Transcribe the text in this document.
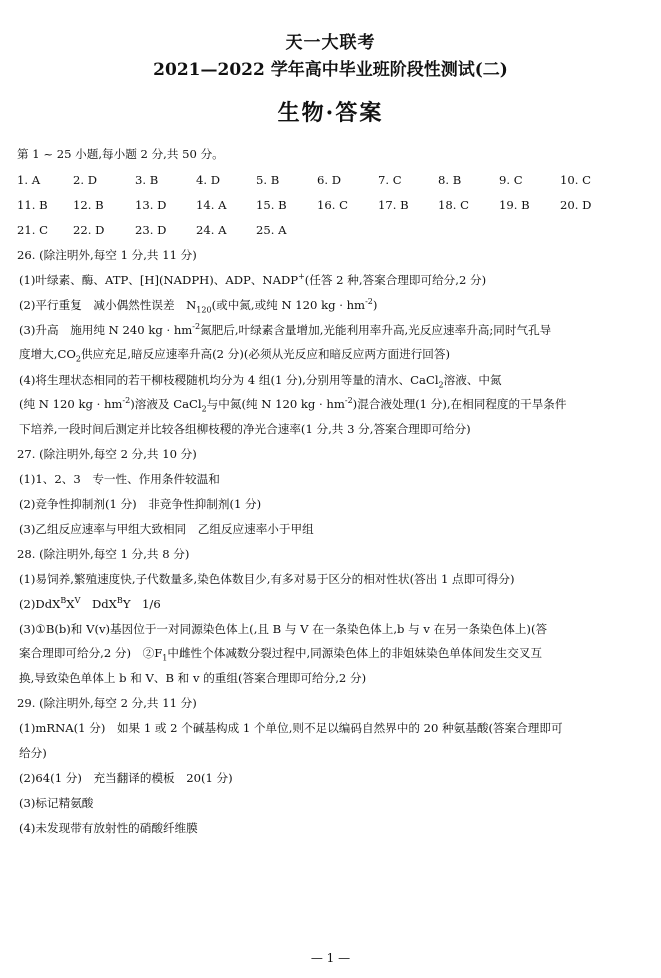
天一大联考
2021—2022 学年高中毕业班阶段性测试(二)
生物·答案
第 1 ~ 25 小题,每小题 2 分,共 50 分。
1. A	2. D	3. B	4. D	5. B	6. D	7. C	8. B	9. C	10. C
11. B 12. B	13. D	14. A	15. B	16. C	17. B	18. C	19. B	20. D
21. C 22. D	23. D	24. A	25. A
26. (除注明外,每空 1 分,共 11 分)
(1)叶绿素、酶、ATP、[H](NADPH)、ADP、NADP+(任答 2 种,答案合理即可给分,2 分)
(2)平行重复　减小偶然性误差　$N_{120}$(或中氮,或纯 N 120 kg · $hm^{-2}$)
(3)升高　施用纯 N 240 kg · $hm^{-2}$氮肥后,叶绿素含量增加,光能利用率升高,光反应速率升高;同时气孔导
度增大$,CO_2$供应充足,暗反应速率升高(2 分)(必须从光反应和暗反应两方面进行回答)
(4)将生理状态相同的若干柳枝稷随机均分为 4 组(1 分),分别用等量的清水、CaCl$_2$溶液、中氮
(纯 N 120 kg · $hm^{-2}$)溶液及 CaCl$_2$与中氮(纯 N 120 kg · $hm^{-2}$)混合液处理(1 分),在相同程度的干旱条件
下培养,一段时间后测定并比较各组柳枝稷的净光合速率(1 分,共 3 分,答案合理即可给分)
27. (除注明外,每空 2 分,共 10 分)
(1)1、2、3　专一性、作用条件较温和
(2)竞争性抑制剂(1 分)　非竞争性抑制剂(1 分)
(3)乙组反应速率与甲组大致相同　乙组反应速率小于甲组
28. (除注明外,每空 1 分,共 8 分)
(1)易饲养,繁殖速度快,子代数量多,染色体数目少,有多对易于区分的相对性状(答出 1 点即可得分)
$(2)DdX^BX^V$　DdX$^B$Y　1/6
(3)①B(b)和 V(v)基因位于一对同源染色体上(,且 B 与 V 在一条染色体上,b 与 v 在另一条染色体上)(答
案合理即可给分,2 分)　$②F_1$中雌性个体减数分裂过程中,同源染色体上的非姐妹染色单体间发生交叉互
换,导致染色单体上 b 和 V、B 和 v 的重组(答案合理即可给分,2 分)
29. (除注明外,每空 2 分,共 11 分)
(1)mRNA(1 分)　如果 1 或 2 个碱基构成 1 个单位,则不足以编码自然界中的 20 种氨基酸(答案合理即可
给分)
(2)64(1 分)　充当翻译的模板　20(1 分)
(3)标记精氨酸
(4)未发现带有放射性的硝酸纤维膜
— 1 —
